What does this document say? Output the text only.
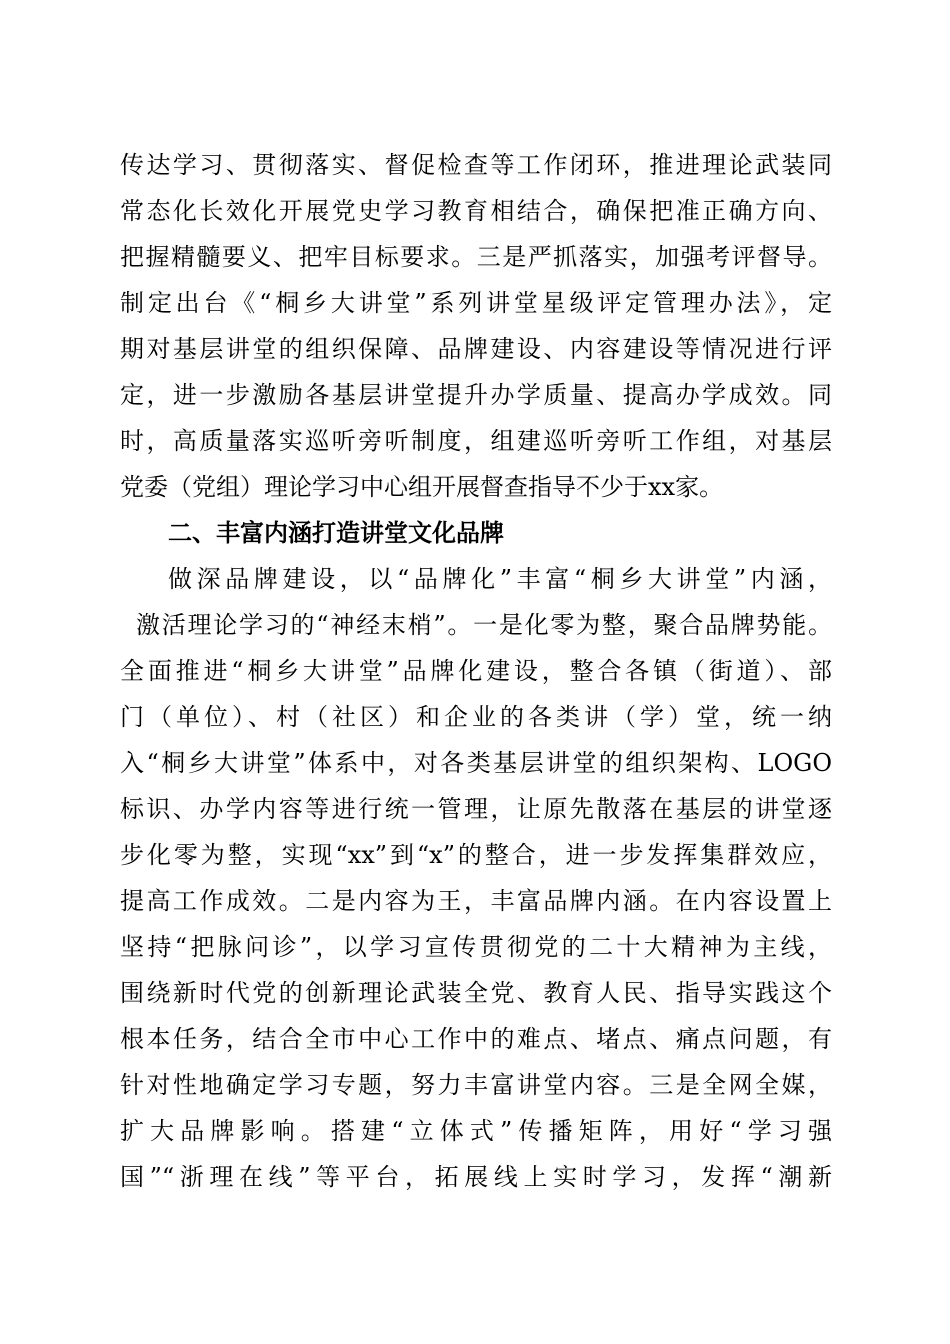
传达学习、贯彻落实、督促检查等工作闭环，推进理论武装同
常态化长效化开展党史学习教育相结合，确保把准正确方向、
把握精髓要义、把牢目标要求。三是严抓落实，加强考评督导。
制定出台《“桐乡大讲堂”系列讲堂星级评定管理办法》，定
期对基层讲堂的组织保障、品牌建设、内容建设等情况进行评
定，进一步激励各基层讲堂提升办学质量、提高办学成效。同
时，高质量落实巡听旁听制度，组建巡听旁听工作组，对基层
党委（党组）理论学习中心组开展督查指导不少于xx家。
二、丰富内涵打造讲堂文化品牌
做深品牌建设，以“品牌化”丰富“桐乡大讲堂”内涵，
激活理论学习的“神经末梢”。一是化零为整，聚合品牌势能。
全面推进“桐乡大讲堂”品牌化建设，整合各镇（街道）、部
门（单位）、村（社区）和企业的各类讲（学）堂，统一纳
入“桐乡大讲堂”体系中，对各类基层讲堂的组织架构、LOGO
标识、办学内容等进行统一管理，让原先散落在基层的讲堂逐
步化零为整，实现“xx”到“x”的整合，进一步发挥集群效应，
提高工作成效。二是内容为王，丰富品牌内涵。在内容设置上
坚持“把脉问诊”，以学习宣传贯彻党的二十大精神为主线，
围绕新时代党的创新理论武装全党、教育人民、指导实践这个
根本任务，结合全市中心工作中的难点、堵点、痛点问题，有
针对性地确定学习专题，努力丰富讲堂内容。三是全网全媒，
扩大品牌影响。搭建“立体式”传播矩阵，用好“学习强
国”“浙理在线”等平台，拓展线上实时学习，发挥“潮新
